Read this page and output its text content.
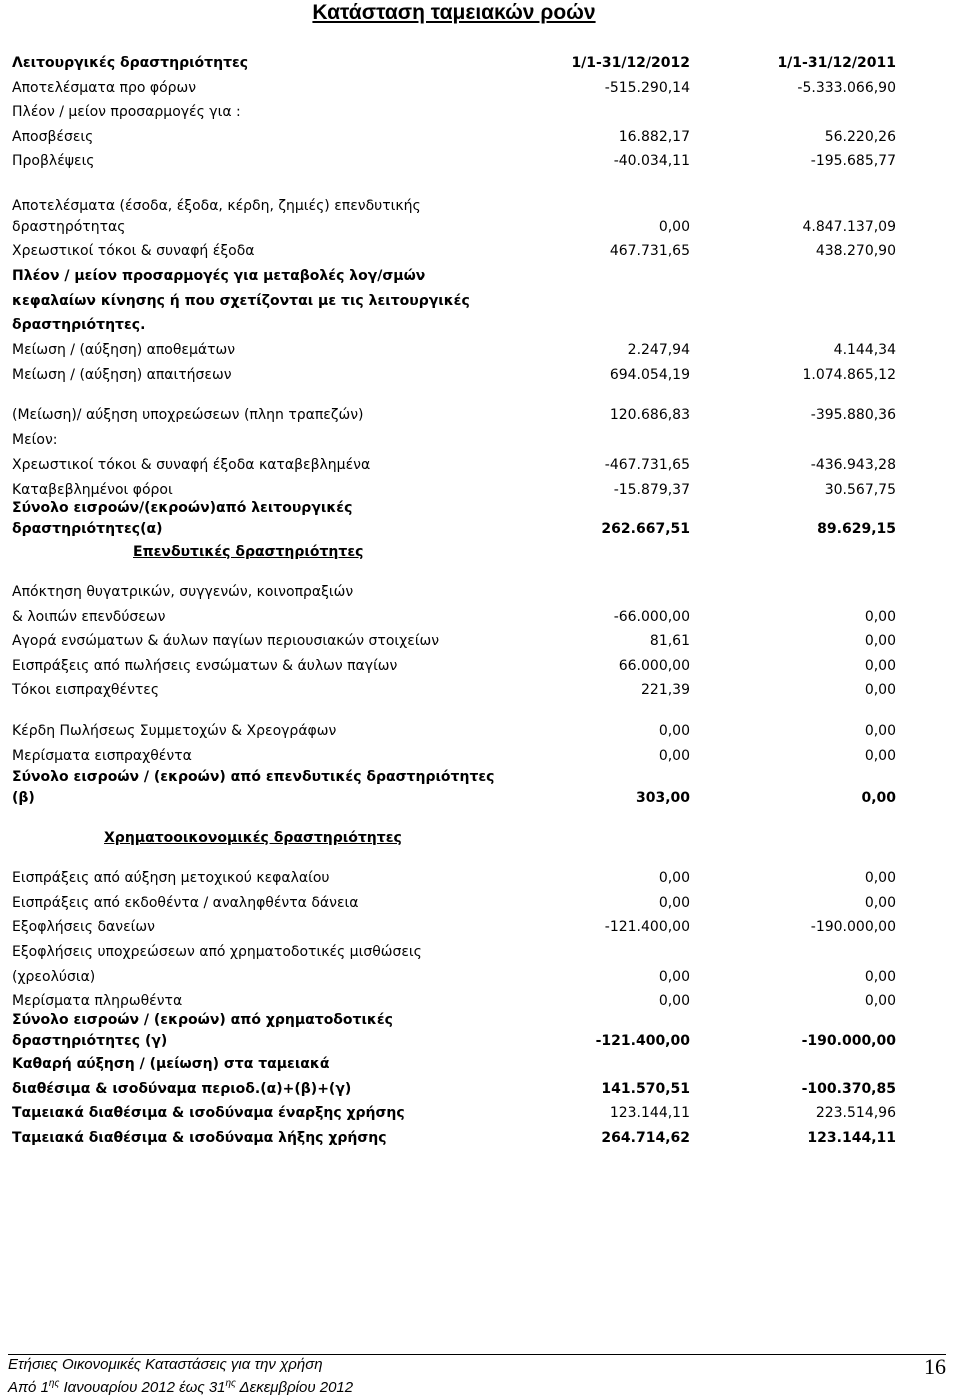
Κατάσταση ταμειακών ροών
Λειτουργικές δραστηριότητες	1/1-31/12/2012	1/1-31/12/2011
Αποτελέσματα προ φόρων	-515.290,14	-5.333.066,90
Πλέον / μείον προσαρμογές για :
Αποσβέσεις	16.882,17	56.220,26
Προβλέψεις	-40.034,11	-195.685,77
Αποτελέσματα (έσοδα, έξοδα, κέρδη, ζημιές) επενδυτικής
δραστηρότητας	0,00	4.847.137,09
Χρεωστικοί τόκοι & συναφή έξοδα	467.731,65	438.270,90
Πλέον / μείον προσαρμογές για μεταβολές λογ/σμών
κεφαλαίων κίνησης ή που σχετίζονται με τις λειτουργικές
δραστηριότητες.
Μείωση / (αύξηση) αποθεμάτων	2.247,94	4.144,34
Μείωση / (αύξηση) απαιτήσεων	694.054,19	1.074.865,12
(Μείωση)/ αύξηση υποχρεώσεων (πληn τραπεζών)	120.686,83	-395.880,36
Μείον:
Χρεωστικοί τόκοι & συναφή έξοδα καταβεβλημένα	-467.731,65	-436.943,28
Καταβεβλημένοι φόροι	-15.879,37	30.567,75
Σύνολο εισροών/(εκροών)από λειτουργικές
δραστηριότητες(α)	262.667,51	89.629,15
Επενδυτικές δραστηριότητες
Απόκτηση θυγατρικών, συγγενών, κοινοπραξιών
& λοιπών επενδύσεων	-66.000,00	0,00
Αγορά ενσώματων & άυλων παγίων περιουσιακών στοιχείων	81,61	0,00
Εισπράξεις από πωλήσεις ενσώματων & άυλων παγίων	66.000,00	0,00
Τόκοι εισπραχθέντες	221,39	0,00
Κέρδη Πωλήσεως Συμμετοχών & Χρεογράφων	0,00	0,00
Μερίσματα εισπραχθέντα	0,00	0,00
Σύνολο εισροών / (εκροών) από επενδυτικές δραστηριότητες
(β)	303,00	0,00
Χρηματοοικονομικές δραστηριότητες
Εισπράξεις από αύξηση μετοχικού κεφαλαίου	0,00	0,00
Εισπράξεις από εκδοθέντα / αναληφθέντα δάνεια	0,00	0,00
Εξοφλήσεις δανείων	-121.400,00	-190.000,00
Εξοφλήσεις υποχρεώσεων από χρηματοδοτικές μισθώσεις
(χρεολύσια)	0,00	0,00
Μερίσματα πληρωθέντα	0,00	0,00
Σύνολο εισροών / (εκροών) από χρηματοδοτικές
δραστηριότητες (γ)	-121.400,00	-190.000,00
Καθαρή αύξηση / (μείωση) στα ταμειακά
διαθέσιμα & ισοδύναμα περιοδ.(α)+(β)+(γ)	141.570,51	-100.370,85
Ταμειακά διαθέσιμα & ισοδύναμα έναρξης χρήσης	123.144,11	223.514,96
Ταμειακά διαθέσιμα & ισοδύναμα λήξης χρήσης	264.714,62	123.144,11
Ετήσιες Οικονομικές Καταστάσεις για την χρήση
Από $1^{\eta\varsigma}$ Ιανουαρίου 2012 έως $31^{\eta\varsigma}$ Δεκεμβρίου 2012
16
